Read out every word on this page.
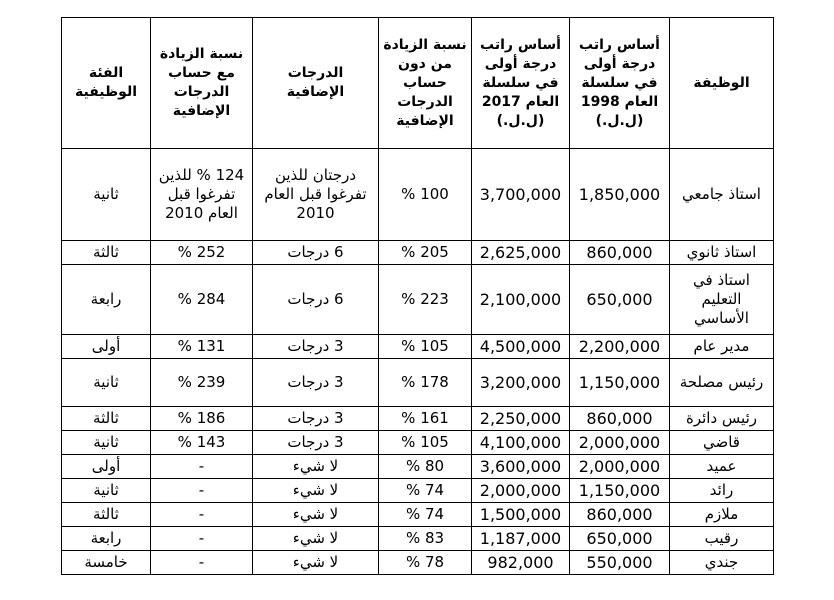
الوظيفة	أساس راتب درجة أولى في سلسلة العام 1998 (ل.ل.)	أساس راتب درجة أولى في سلسلة العام 2017 (ل.ل.)	نسبة الزيادة من دون حساب الدرجات الإضافية	الدرجات الإضافية	نسبة الزيادة مع حساب الدرجات الإضافية	الفئة الوظيفية
استاذ جامعي	1,850,000	3,700,000	100 %	درجتان للذين تفرغوا قبل العام 2010	124 % للذين تفرغوا قبل العام 2010	ثانية
استاذ ثانوي	860,000	2,625,000	205 %	6 درجات	252 %	ثالثة
استاذ في التعليم الأساسي	650,000	2,100,000	223 %	6 درجات	284 %	رابعة
مدير عام	2,200,000	4,500,000	105 %	3 درجات	131 %	أولى
رئيس مصلحة	1,150,000	3,200,000	178 %	3 درجات	239 %	ثانية
رئيس دائرة	860,000	2,250,000	161 %	3 درجات	186 %	ثالثة
قاضي	2,000,000	4,100,000	105 %	3 درجات	143 %	ثانية
عميد	2,000,000	3,600,000	80 %	لا شيء	-	أولى
رائد	1,150,000	2,000,000	74 %	لا شيء	-	ثانية
ملازم	860,000	1,500,000	74 %	لا شيء	-	ثالثة
رقيب	650,000	1,187,000	83 %	لا شيء	-	رابعة
جندي	550,000	982,000	78 %	لا شيء	-	خامسة
